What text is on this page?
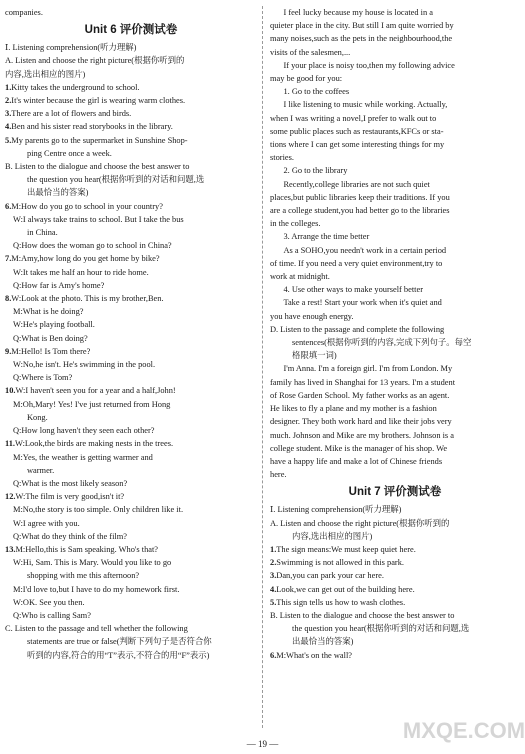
companies.

Unit 6 评价测试卷

Ⅰ. Listening comprehension(听力理解)

A. Listen and choose the right picture(根据你听到的

内容,选出相应的图片)

1.Kitty takes the underground to school.

2.It's winter because the girl is wearing warm clothes.

3.There are a lot of flowers and birds.

4.Ben and his sister read storybooks in the library.

5.My parents go to the supermarket in Sunshine Shop-

ping Centre once a week.

B. Listen to the dialogue and choose the best answer to

the question you hear(根据你听到的对话和问题,选

出最恰当的答案)

6.M:How do you go to school in your country?

W:I always take trains to school. But I take the bus

in China.

Q:How does the woman go to school in China?

7.M:Amy,how long do you get home by bike?

W:It takes me half an hour to ride home.

Q:How far is Amy's home?

8.W:Look at the photo. This is my brother,Ben.

M:What is he doing?

W:He's playing football.

Q:What is Ben doing?

9.M:Hello! Is Tom there?

W:No,he isn't. He's swimming in the pool.

Q:Where is Tom?

10.W:I haven't seen you for a year and a half,John!

M:Oh,Mary! Yes! I've just returned from Hong

Kong.

Q:How long haven't they seen each other?

11.W:Look,the birds are making nests in the trees.

M:Yes, the weather is getting warmer and

warmer.

Q:What is the most likely season?

12.W:The film is very good,isn't it?

M:No,the story is too simple. Only children like it.

W:I agree with you.

Q:What do they think of the film?

13.M:Hello,this is Sam speaking. Who's that?

W:Hi, Sam. This is Mary. Would you like to go

shopping with me this afternoon?

M:I'd love to,but I have to do my homework first.

W:OK. See you then.

Q:Who is calling Sam?

C. Listen to the passage and tell whether the following

statements are true or false(判断下列句子是否符合你

听到的内容,符合的用“T”表示,不符合的用“F”表示)

I feel lucky because my house is located in a

quieter place in the city. But still I am quite worried by

many noises,such as the pets in the neighbourhood,the

visits of the salesmen,...

If your place is noisy too,then my following advice

may be good for you:

1. Go to the coffees

I like listening to music while working. Actually,

when I was writing a novel,I prefer to walk out to

some public places such as restaurants,KFCs or sta-

tions where I can get some interesting things for my

stories.

2. Go to the library

Recently,college libraries are not such quiet

places,but public libraries keep their traditions. If you

are a college student,you had better go to the libraries

in the colleges.

3. Arrange the time better

As a SOHO,you needn't work in a certain period

of time. If you need a very quiet environment,try to

work at midnight.

4. Use other ways to make yourself better

Take a rest! Start your work when it's quiet and

you have enough energy.

D. Listen to the passage and complete the following

sentences(根据你听到的内容,完成下列句子。每空

格限填一词)

I'm Anna. I'm a foreign girl. I'm from London. My

family has lived in Shanghai for 13 years. I'm a student

of Rose Garden School. My father works as an agent.

He likes to fly a plane and my mother is a fashion

designer. They both work hard and like their jobs very

much. Johnson and Mike are my brothers. Johnson is a

college student. Mike is the manager of his shop. We

have a happy life and make a lot of Chinese friends

here.

Unit 7 评价测试卷

Ⅰ. Listening comprehension(听力理解)

A. Listen and choose the right picture(根据你听到的

内容,选出相应的图片)

1.The sign means:We must keep quiet here.

2.Swimming is not allowed in this park.

3.Dan,you can park your car here.

4.Look,we can get out of the building here.

5.This sign tells us how to wash clothes.

B. Listen to the dialogue and choose the best answer to

the question you hear(根据你听到的对话和问题,选

出最恰当的答案)

6.M:What's on the wall?

— 19 —
MXQE.COM
